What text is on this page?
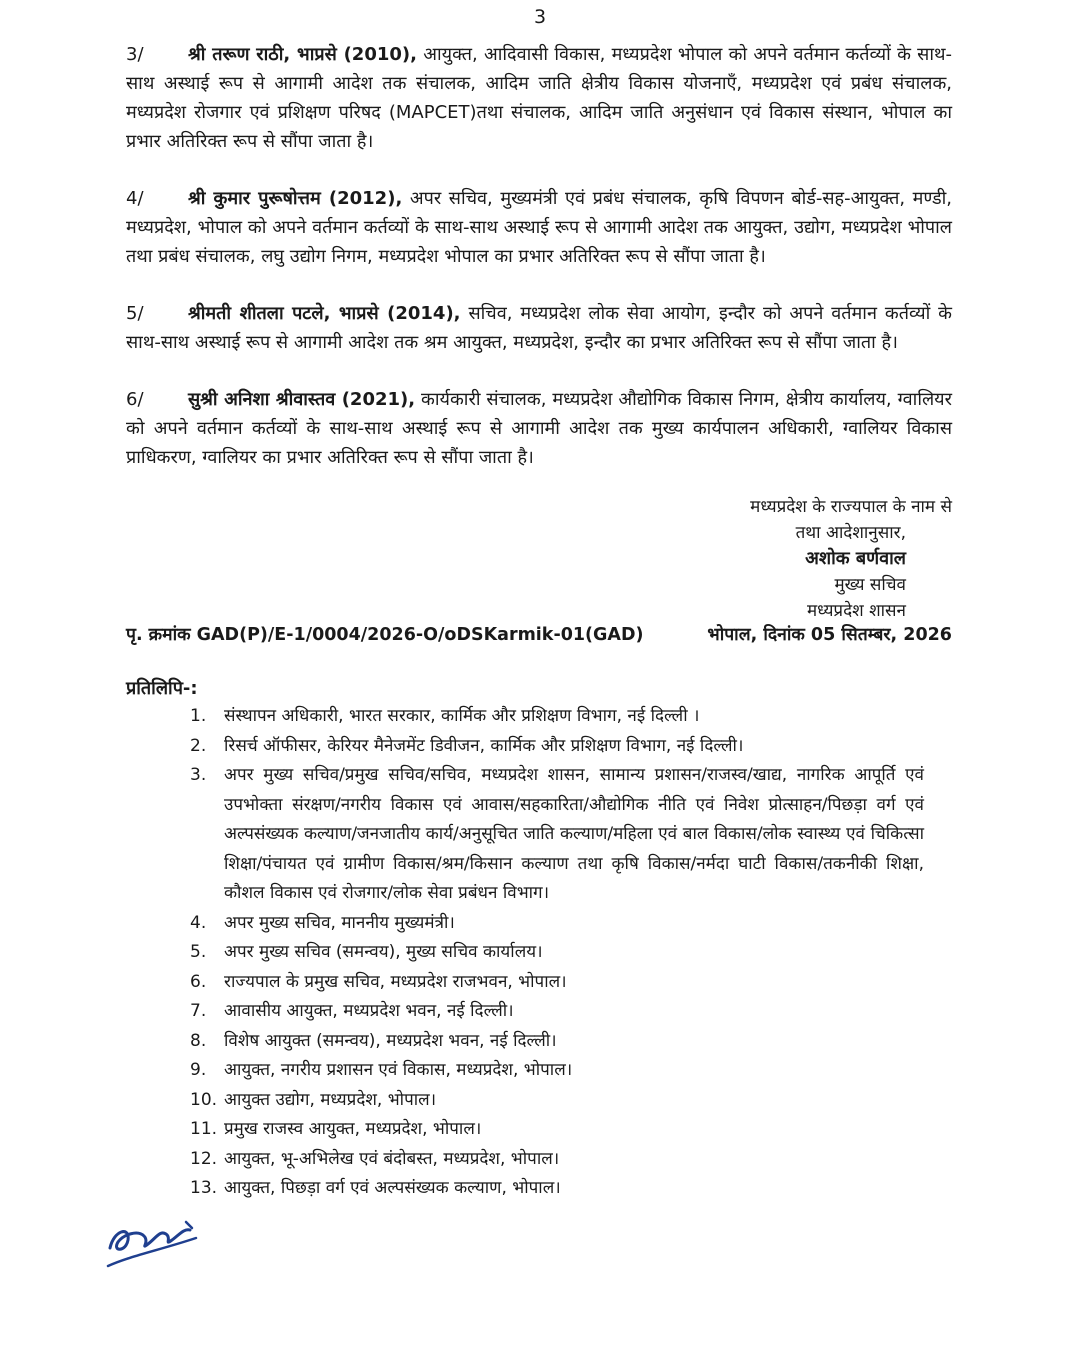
3

3/ श्री तरूण राठी, भाप्रसे (2010), आयुक्त, आदिवासी विकास, मध्यप्रदेश भोपाल को अपने वर्तमान कर्तव्यों के साथ-साथ अस्थाई रूप से आगामी आदेश तक संचालक, आदिम जाति क्षेत्रीय विकास योजनाएँ, मध्यप्रदेश एवं प्रबंध संचालक, मध्यप्रदेश रोजगार एवं प्रशिक्षण परिषद (MAPCET)तथा संचालक, आदिम जाति अनुसंधान एवं विकास संस्थान, भोपाल का प्रभार अतिरिक्त रूप से सौंपा जाता है।

4/ श्री कुमार पुरूषोत्तम (2012), अपर सचिव, मुख्यमंत्री एवं प्रबंध संचालक, कृषि विपणन बोर्ड-सह-आयुक्त, मण्डी, मध्यप्रदेश, भोपाल को अपने वर्तमान कर्तव्यों के साथ-साथ अस्थाई रूप से आगामी आदेश तक आयुक्त, उद्योग, मध्यप्रदेश भोपाल तथा प्रबंध संचालक, लघु उद्योग निगम, मध्यप्रदेश भोपाल का प्रभार अतिरिक्त रूप से सौंपा जाता है।

5/ श्रीमती शीतला पटले, भाप्रसे (2014), सचिव, मध्यप्रदेश लोक सेवा आयोग, इन्दौर को अपने वर्तमान कर्तव्यों के साथ-साथ अस्थाई रूप से आगामी आदेश तक श्रम आयुक्त, मध्यप्रदेश, इन्दौर का प्रभार अतिरिक्त रूप से सौंपा जाता है।

6/ सुश्री अनिशा श्रीवास्तव (2021), कार्यकारी संचालक, मध्यप्रदेश औद्योगिक विकास निगम, क्षेत्रीय कार्यालय, ग्वालियर को अपने वर्तमान कर्तव्यों के साथ-साथ अस्थाई रूप से आगामी आदेश तक मुख्य कार्यपालन अधिकारी, ग्वालियर विकास प्राधिकरण, ग्वालियर का प्रभार अतिरिक्त रूप से सौंपा जाता है।

मध्यप्रदेश के राज्यपाल के नाम से
तथा आदेशानुसार,
अशोक बर्णवाल
मुख्य सचिव
मध्यप्रदेश शासन
पृ. क्रमांक GAD(P)/E-1/0004/2026-O/oDSKarmik-01(GAD)	भोपाल, दिनांक 05 सितम्बर, 2026
प्रतिलिपि-:
1.	संस्थापन अधिकारी, भारत सरकार, कार्मिक और प्रशिक्षण विभाग, नई दिल्ली ।
2.	रिसर्च ऑफीसर, केरियर मैनेजमेंट डिवीजन, कार्मिक और प्रशिक्षण विभाग, नई दिल्ली।
3.	अपर मुख्य सचिव/प्रमुख सचिव/सचिव, मध्यप्रदेश शासन, सामान्य प्रशासन/राजस्व/खाद्य, नागरिक आपूर्ति एवं उपभोक्ता संरक्षण/नगरीय विकास एवं आवास/सहकारिता/औद्योगिक नीति एवं निवेश प्रोत्साहन/पिछड़ा वर्ग एवं अल्पसंख्यक कल्याण/जनजातीय कार्य/अनुसूचित जाति कल्याण/महिला एवं बाल विकास/लोक स्वास्थ्य एवं चिकित्सा शिक्षा/पंचायत एवं ग्रामीण विकास/श्रम/किसान कल्याण तथा कृषि विकास/नर्मदा घाटी विकास/तकनीकी शिक्षा, कौशल विकास एवं रोजगार/लोक सेवा प्रबंधन विभाग।
4.	अपर मुख्य सचिव, माननीय मुख्यमंत्री।
5.	अपर मुख्य सचिव (समन्वय), मुख्य सचिव कार्यालय।
6.	राज्यपाल के प्रमुख सचिव, मध्यप्रदेश राजभवन, भोपाल।
7.	आवासीय आयुक्त, मध्यप्रदेश भवन, नई दिल्ली।
8.	विशेष आयुक्त (समन्वय), मध्यप्रदेश भवन, नई दिल्ली।
9.	आयुक्त, नगरीय प्रशासन एवं विकास, मध्यप्रदेश, भोपाल।
10. आयुक्त उद्योग, मध्यप्रदेश, भोपाल।
11. प्रमुख राजस्व आयुक्त, मध्यप्रदेश, भोपाल।
12. आयुक्त, भू-अभिलेख एवं बंदोबस्त, मध्यप्रदेश, भोपाल।
13. आयुक्त, पिछड़ा वर्ग एवं अल्पसंख्यक कल्याण, भोपाल।
